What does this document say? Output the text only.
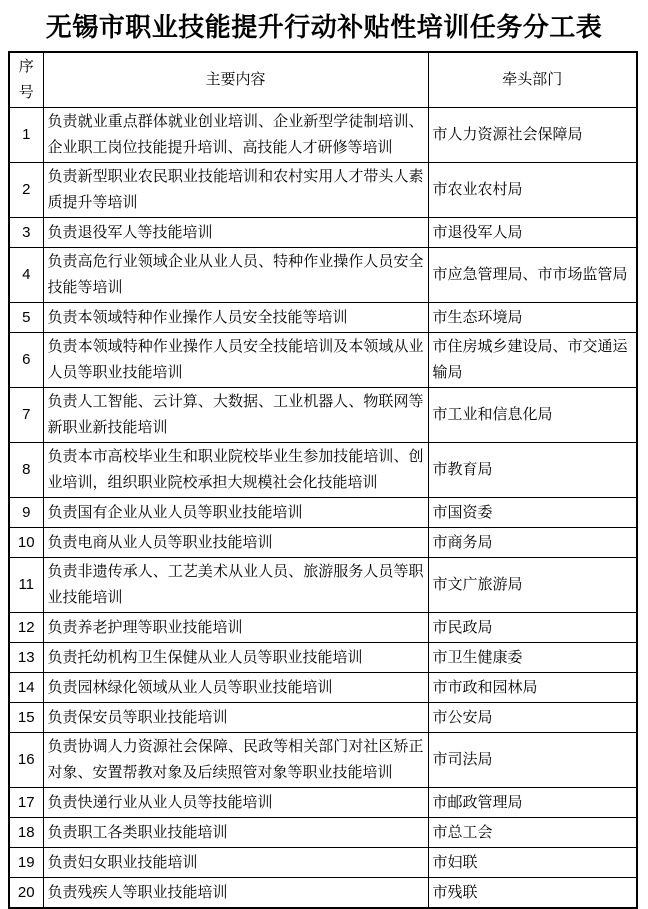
无锡市职业技能提升行动补贴性培训任务分工表
序号	主要内容	牵头部门
1	负责就业重点群体就业创业培训、企业新型学徒制培训、企业职工岗位技能提升培训、高技能人才研修等培训	市人力资源社会保障局
2	负责新型职业农民职业技能培训和农村实用人才带头人素质提升等培训	市农业农村局
3	负责退役军人等技能培训	市退役军人局
4	负责高危行业领域企业从业人员、特种作业操作人员安全技能等培训	市应急管理局、市市场监管局
5	负责本领域特种作业操作人员安全技能等培训	市生态环境局
6	负责本领域特种作业操作人员安全技能培训及本领域从业人员等职业技能培训	市住房城乡建设局、市交通运输局
7	负责人工智能、云计算、大数据、工业机器人、物联网等新职业新技能培训	市工业和信息化局
8	负责本市高校毕业生和职业院校毕业生参加技能培训、创业培训，组织职业院校承担大规模社会化技能培训	市教育局
9	负责国有企业从业人员等职业技能培训	市国资委
10	负责电商从业人员等职业技能培训	市商务局
11	负责非遗传承人、工艺美术从业人员、旅游服务人员等职业技能培训	市文广旅游局
12	负责养老护理等职业技能培训	市民政局
13	负责托幼机构卫生保健从业人员等职业技能培训	市卫生健康委
14	负责园林绿化领域从业人员等职业技能培训	市市政和园林局
15	负责保安员等职业技能培训	市公安局
16	负责协调人力资源社会保障、民政等相关部门对社区矫正对象、安置帮教对象及后续照管对象等职业技能培训	市司法局
17	负责快递行业从业人员等技能培训	市邮政管理局
18	负责职工各类职业技能培训	市总工会
19	负责妇女职业技能培训	市妇联
20	负责残疾人等职业技能培训	市残联
